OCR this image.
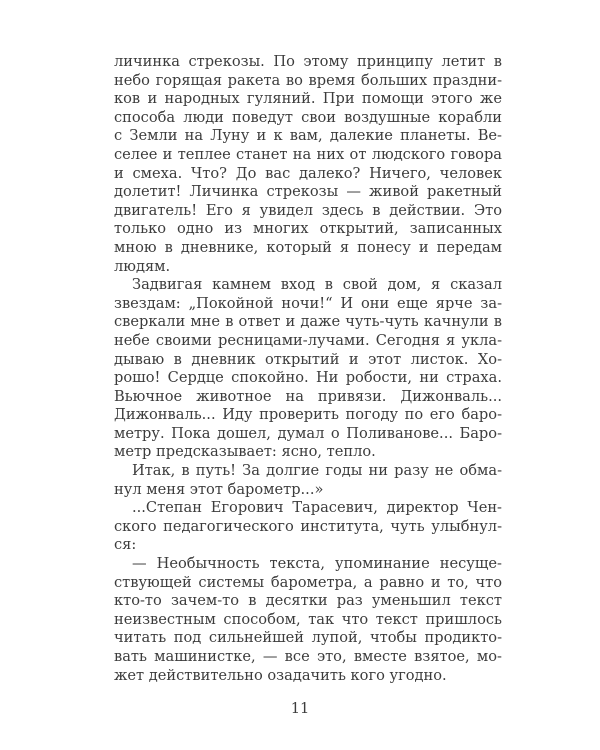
личинка стрекозы. По этому принципу летит в
небо горящая ракета во время больших праздни-
ков и народных гуляний. При помощи этого же
способа люди поведут свои воздушные корабли
с Земли на Луну и к вам, далекие планеты. Ве-
селее и теплее станет на них от людского говора
и смеха. Что? До вас далеко? Ничего, человек
долетит! Личинка стрекозы — живой ракетный
двигатель! Его я увидел здесь в действии. Это
только одно из многих открытий, записанных
мною в дневнике, который я понесу и передам
людям.
Задвигая камнем вход в свой дом, я сказал
звездам: „Покойной ночи!“ И они еще ярче за-
сверкали мне в ответ и даже чуть-чуть качнули в
небе своими ресницами-лучами. Сегодня я укла-
дываю в дневник открытий и этот листок. Хо-
рошо! Сердце спокойно. Ни робости, ни страха.
Вьючное животное на привязи. Дижонваль...
Дижонваль... Иду проверить погоду по его баро-
метру. Пока дошел, думал о Поливанове... Баро-
метр предсказывает: ясно, тепло.
Итак, в путь! За долгие годы ни разу не обма-
нул меня этот барометр...»
...Степан Егорович Тарасевич, директор Чен-
ского педагогического института, чуть улыбнул-
ся:
— Необычность текста, упоминание несуще-
ствующей системы барометра, а равно и то, что
кто-то зачем-то в десятки раз уменьшил текст
неизвестным способом, так что текст пришлось
читать под сильнейшей лупой, чтобы продикто-
вать машинистке, — все это, вместе взятое, мо-
жет действительно озадачить кого угодно.
11
